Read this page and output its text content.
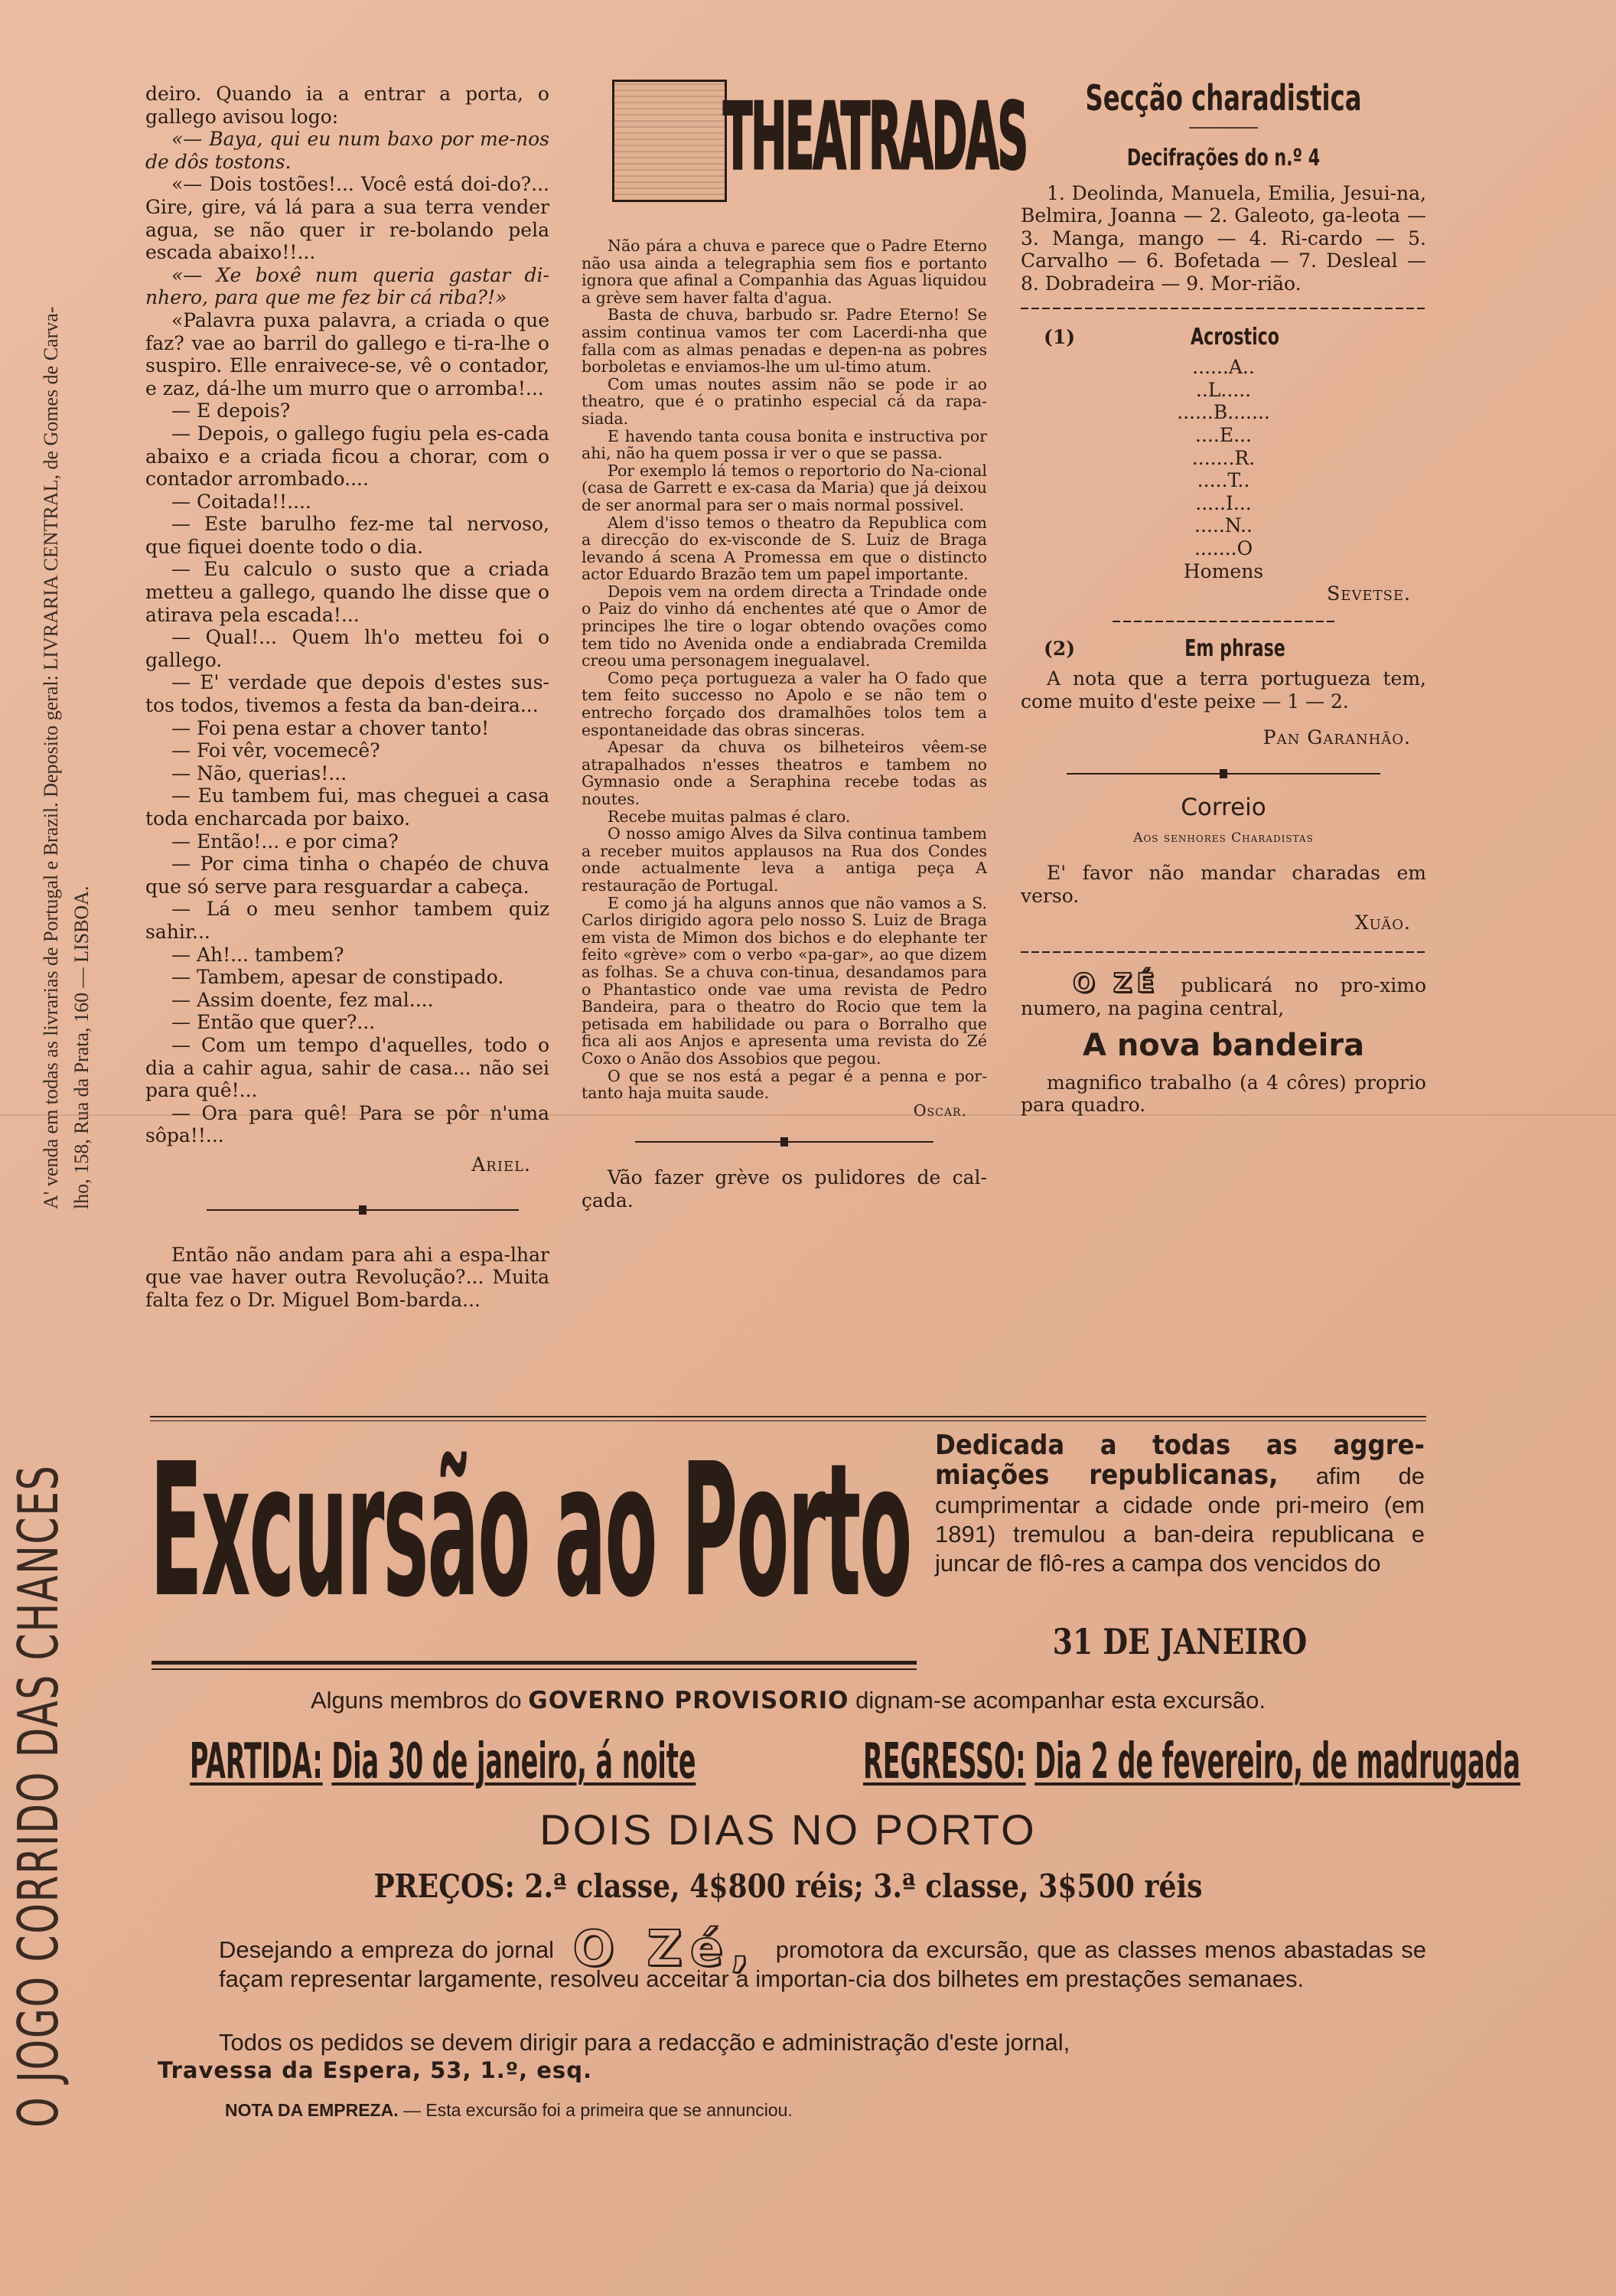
O JOGO CORRIDO DAS CHANCES
A' venda em todas as livrarias de Portugal e Brazil. Deposito geral: LIVRARIA CENTRAL, de Gomes de Carva- lho, 158, Rua da Prata, 160 — LISBOA.

deiro. Quando ia a entrar a porta, o gallego avisou logo:

«— Baya, qui eu num baxo por me-nos de dôs tostons.

«— Dois tostões!... Você está doi-do?... Gire, gire, vá lá para a sua terra vender agua, se não quer ir re-bolando pela escada abaixo!!...

«— Xe boxê num queria gastar di-nhero, para que me fez bir cá riba?!»

«Palavra puxa palavra, a criada o que faz? vae ao barril do gallego e ti-ra-lhe o suspiro. Elle enraivece-se, vê o contador, e zaz, dá-lhe um murro que o arromba!...

— E depois?

— Depois, o gallego fugiu pela es-cada abaixo e a criada ficou a chorar, com o contador arrombado....

— Coitada!!....

— Este barulho fez-me tal nervoso, que fiquei doente todo o dia.

— Eu calculo o susto que a criada metteu a gallego, quando lhe disse que o atirava pela escada!...

— Qual!... Quem lh'o metteu foi o gallego.

— E' verdade que depois d'estes sus-tos todos, tivemos a festa da ban-deira...

— Foi pena estar a chover tanto!

— Foi vêr, vocemecê?

— Não, querias!...

— Eu tambem fui, mas cheguei a casa toda encharcada por baixo.

— Então!... e por cima?

— Por cima tinha o chapéo de chuva que só serve para resguardar a cabeça.

— Lá o meu senhor tambem quiz sahir...

— Ah!... tambem?

— Tambem, apesar de constipado.

— Assim doente, fez mal....

— Então que quer?...

— Com um tempo d'aquelles, todo o dia a cahir agua, sahir de casa... não sei para quê!...

— Ora para quê! Para se pôr n'uma sôpa!!...

Ariel.

Então não andam para ahi a espa-lhar que vae haver outra Revolução?... Muita falta fez o Dr. Miguel Bom-barda...

THEATRADAS

Não pára a chuva e parece que o Padre Eterno não usa ainda a telegraphia sem fios e portanto ignora que afinal a Companhia das Aguas liquidou a grève sem haver falta d'agua.

Basta de chuva, barbudo sr. Padre Eterno! Se assim continua vamos ter com Lacerdi-nha que falla com as almas penadas e depen-na as pobres borboletas e enviamos-lhe um ul-timo atum.

Com umas noutes assim não se pode ir ao theatro, que é o pratinho especial cá da rapa-siada.

E havendo tanta cousa bonita e instructiva por ahi, não ha quem possa ir ver o que se passa.

Por exemplo lá temos o reportorio do Na-cional (casa de Garrett e ex-casa da Maria) que já deixou de ser anormal para ser o mais normal possivel.

Alem d'isso temos o theatro da Republica com a direcção do ex-visconde de S. Luiz de Braga levando á scena A Promessa em que o distincto actor Eduardo Brazão tem um papel importante.

Depois vem na ordem directa a Trindade onde o Paiz do vinho dá enchentes até que o Amor de principes lhe tire o logar obtendo ovações como tem tido no Avenida onde a endiabrada Cremilda creou uma personagem inegualavel.

Como peça portugueza a valer ha O fado que tem feito successo no Apolo e se não tem o entrecho forçado dos dramalhões tolos tem a espontaneidade das obras sinceras.

Apesar da chuva os bilheteiros vêem-se atrapalhados n'esses theatros e tambem no Gymnasio onde a Seraphina recebe todas as noutes.

Recebe muitas palmas é claro.

O nosso amigo Alves da Silva continua tambem a receber muitos applausos na Rua dos Condes onde actualmente leva a antiga peça A restauração de Portugal.

E como já ha alguns annos que não vamos a S. Carlos dirigido agora pelo nosso S. Luiz de Braga em vista de Mimon dos bichos e do elephante ter feito «grève» com o verbo «pa-gar», ao que dizem as folhas. Se a chuva con-tinua, desandamos para o Phantastico onde vae uma revista de Pedro Bandeira, para o theatro do Rocio que tem la petisada em habilidade ou para o Borralho que fica ali aos Anjos e apresenta uma revista do Zé Coxo o Anão dos Assobios que pegou.

O que se nos está a pegar é a penna e por-tanto haja muita saude.

Oscar.

Vão fazer grève os pulidores de cal-çada.

Secção charadistica
Decifrações do n.º 4

1. Deolinda, Manuela, Emilia, Jesui-na, Belmira, Joanna — 2. Galeoto, ga-leota — 3. Manga, mango — 4. Ri-cardo — 5. Carvalho — 6. Bofetada — 7. Desleal — 8. Dobradeira — 9. Mor-rião.

(1)	Acrostico
......A..
..L.....
......B.......
....E...
.......R.
.....T..
.....I...
.....N..
.......O
Homens

Sevetse.

(2)	Em phrase

A nota que a terra portugueza tem, come muito d'este peixe — 1 — 2.

Pan Garanhão.

Correio
Aos senhores Charadistas

E' favor não mandar charadas em verso.

Xuão.

O ZÉ publicará no pro-ximo numero, na pagina central,

A nova bandeira

magnifico trabalho (a 4 côres) proprio para quadro.

Excursão ao Porto Dedicada a todas as aggre-miações republicanas, afim de cumprimentar a cidade onde pri-meiro (em 1891) tremulou a ban-deira republicana e juncar de flô-res a campa dos vencidos do
31 DE JANEIRO
Alguns membros do GOVERNO PROVISORIO dignam-se acompanhar esta excursão.
PARTIDA: Dia 30 de janeiro, á noite	REGRESSO: Dia 2 de fevereiro, de madrugada
DOIS DIAS NO PORTO
PREÇOS: 2.ª classe, 4$800 réis; 3.ª classe, 3$500 réis
Desejando a empreza do jornal O Zé, promotora da excursão, que as classes menos abastadas se façam representar largamente, resolveu acceitar a importan-cia dos bilhetes em prestações semanaes.
Todos os pedidos se devem dirigir para a redacção e administração d'este jornal,
Travessa da Espera, 53, 1.º, esq.
NOTA DA EMPREZA. — Esta excursão foi a primeira que se annunciou.
